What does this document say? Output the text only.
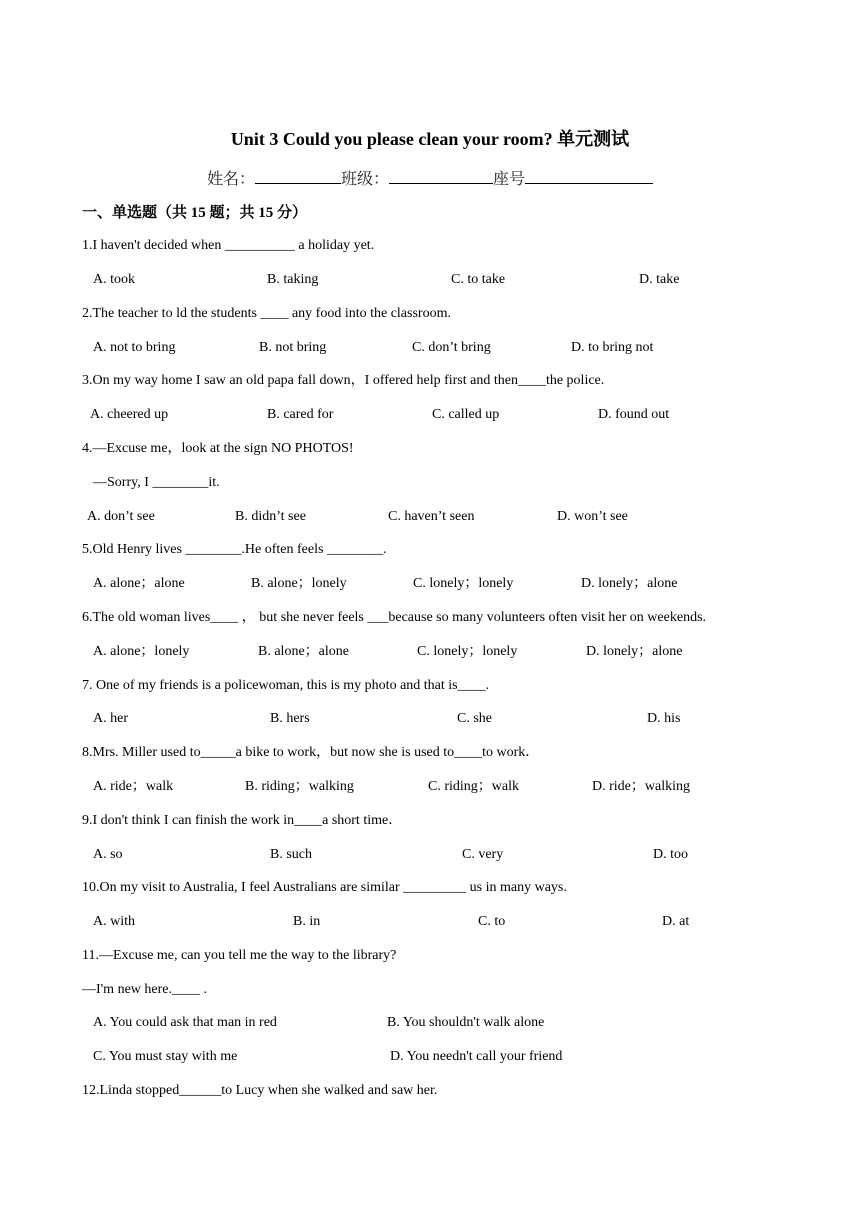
Unit 3 Could you please clean your room? 单元测试
姓名：	班级：	座号
一、单选题（共 15 题；共 15 分）
1.I haven't decided when __________ a holiday yet.
A. took	B. taking	C. to take	D. take
2.The teacher to ld the students ____ any food into the classroom.
A. not to bring	B. not bring	C. don’t bring	D. to bring not
3.On my way home I saw an old papa fall down，I offered help first and then____the police.
A. cheered up	B. cared for	C. called up	D. found out
4.—Excuse me，look at the sign NO PHOTOS!
—Sorry, I ________it.
A. don’t see	B. didn’t see	C. haven’t seen	D. won’t see
5.Old Henry lives ________.He often feels ________.
A. alone；alone	B. alone；lonely	C. lonely；lonely	D. lonely；alone
6.The old woman lives____ ， but she never feels ___because so many volunteers often visit her on weekends.
A. alone；lonely	B. alone；alone	C. lonely；lonely	D. lonely；alone
7. One of my friends is a policewoman, this is my photo and that is____.
A. her	B. hers	C. she	D. his
8.Mrs. Miller used to_____a bike to work，but now she is used to____to work．
A. ride；walk	B. riding；walking	C. riding；walk	D. ride；walking
9.I don't think I can finish the work in____a short time．
A. so	B. such	C. very	D. too
10.On my visit to Australia, I feel Australians are similar _________ us in many ways.
A. with	B. in	C. to	D. at
11.—Excuse me, can you tell me the way to the library?
—I'm new here.____ .
A. You could ask that man in red	B. You shouldn't walk alone
C. You must stay with me	D. You needn't call your friend
12.Linda stopped______to Lucy when she walked and saw her.
